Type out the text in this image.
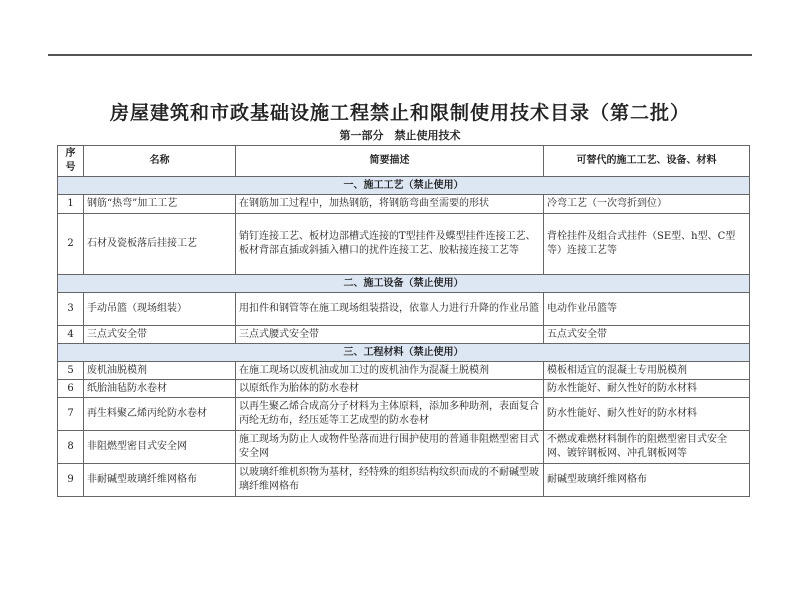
房屋建筑和市政基础设施工程禁止和限制使用技术目录（第二批）
第一部分　禁止使用技术
序号	名称	简要描述	可替代的施工工艺、设备、材料
一、施工工艺（禁止使用）			
1	钢筋“热弯”加工工艺	在钢筋加工过程中，加热钢筋，将钢筋弯曲至需要的形状	冷弯工艺（一次弯折到位）
2	石材及瓷板落后挂接工艺	销钉连接工艺、板材边部槽式连接的T型挂件及蝶型挂件连接工艺、板材背部直插或斜插入槽口的扰件连接工艺、胶粘接连接工艺等	背栓挂件及组合式挂件（SE型、h型、C型等）连接工艺等
二、施工设备（禁止使用）			
3	手动吊篮（现场组装）	用扣件和钢管等在施工现场组装搭设，依靠人力进行升降的作业吊篮	电动作业吊篮等
4	三点式安全带	三点式腰式安全带	五点式安全带
三、工程材料（禁止使用）			
5	废机油脱模剂	在施工现场以废机油或加工过的废机油作为混凝土脱模剂	模板相适宜的混凝土专用脱模剂
6	纸胎油毡防水卷材	以原纸作为胎体的防水卷材	防水性能好、耐久性好的防水材料
7	再生料聚乙烯丙纶防水卷材	以再生聚乙烯合成高分子材料为主体原料，添加多种助剂，表面复合丙纶无纺布，经压延等工艺成型的防水卷材	防水性能好、耐久性好的防水材料
8	非阻燃型密目式安全网	施工现场为防止人或物件坠落而进行围护使用的普通非阻燃型密目式安全网	不燃或难燃材料制作的阻燃型密目式安全网、镀锌钢板网、冲孔钢板网等
9	非耐碱型玻璃纤维网格布	以玻璃纤维机织物为基材，经特殊的组织结构纹织而成的不耐碱型玻璃纤维网格布	耐碱型玻璃纤维网格布
